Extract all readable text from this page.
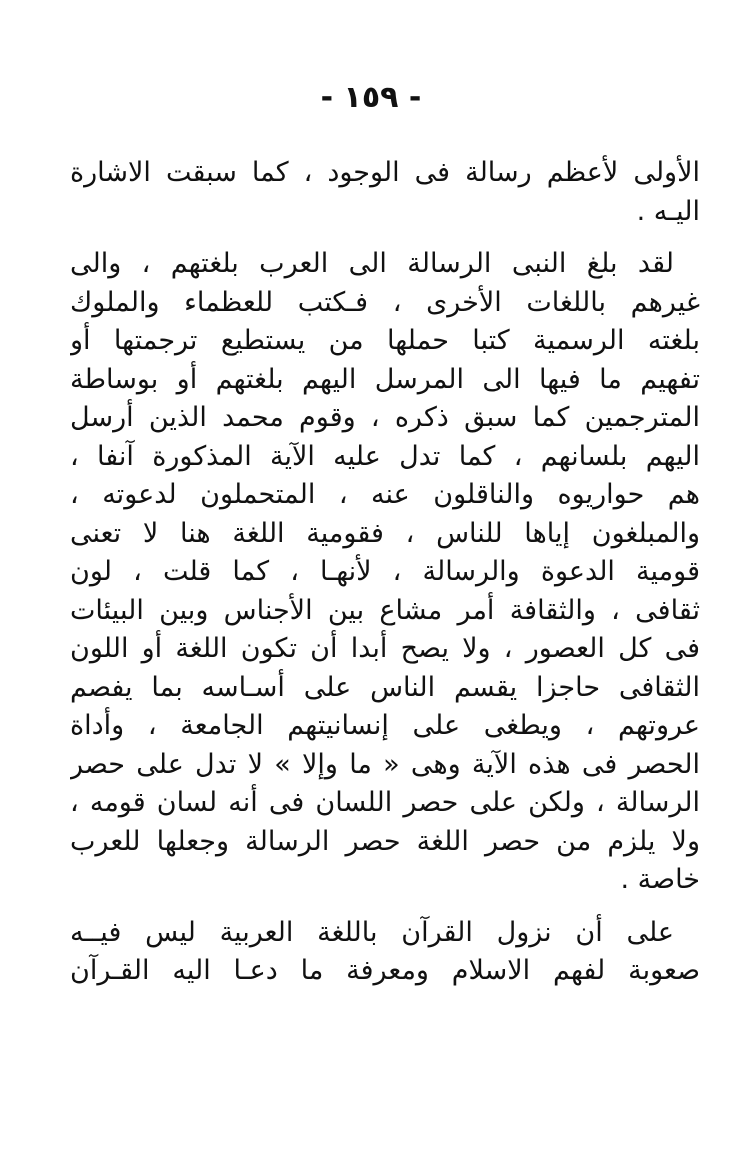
- ١٥٩ -
الأولى لأعظم رسالة فى الوجود ، كما سبقت الاشارة
اليـه .
لقد بلغ النبى الرسالة الى العرب بلغتهم ، والى
غيرهم باللغات الأخرى ، فـكتب للعظماء والملوك
بلغته الرسمية كتبا حملها من يستطيع ترجمتها أو
تفهيم ما فيها الى المرسل اليهم بلغتهم أو بوساطة
المترجمين كما سبق ذكره ، وقوم محمد الذين أرسل
اليهم بلسانهم ، كما تدل عليه الآية المذكورة آنفا ،
هم حواريوه والناقلون عنه ، المتحملون لدعوته ،
والمبلغون إياها للناس ، فقومية اللغة هنا لا تعنى
قومية الدعوة والرسالة ، لأنهـا ، كما قلت ، لون
ثقافى ، والثقافة أمر مشاع بين الأجناس وبين البيئات
فى كل العصور ، ولا يصح أبدا أن تكون اللغة أو اللون
الثقافى حاجزا يقسم الناس على أسـاسه بما يفصم
عروتهم ، ويطغى على إنسانيتهم الجامعة ، وأداة
الحصر فى هذه الآية وهى « ما وإلا » لا تدل على حصر
الرسالة ، ولكن على حصر اللسان فى أنه لسان قومه ،
ولا يلزم من حصر اللغة حصر الرسالة وجعلها للعرب
خاصة .
على أن نزول القرآن باللغة العربية ليس فيــه
صعوبة لفهم الاسلام ومعرفة ما دعـا اليه القـرآن
